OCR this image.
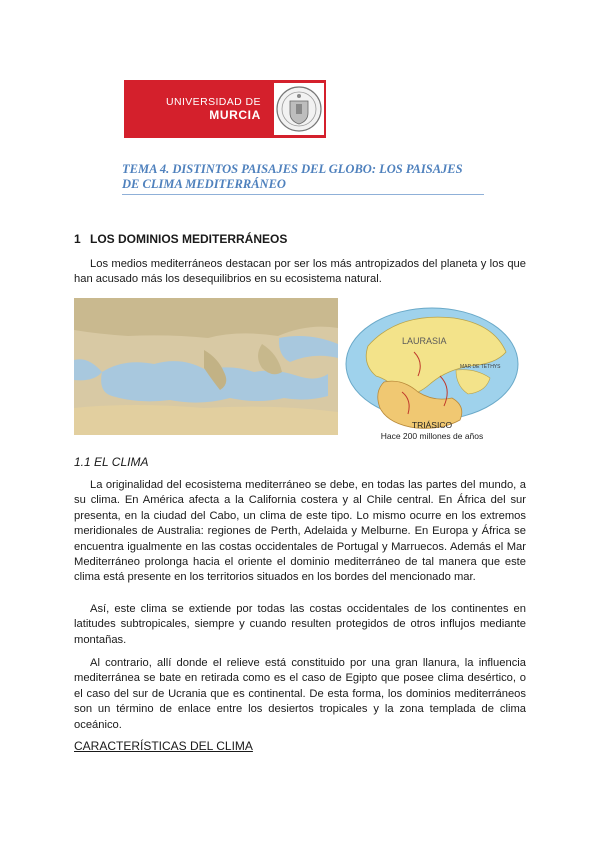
UNIVERSIDAD DE
MURCIA
TEMA 4. DISTINTOS PAISAJES DEL GLOBO: LOS PAISAJES DE CLIMA MEDITERRÁNEO
1 LOS DOMINIOS MEDITERRÁNEOS
Los medios mediterráneos destacan por ser los más antropizados del planeta y los que han acusado más los desequilibrios en su ecosistema natural.
LAURASIA
MAR DE TETHYS
TRIÁSICO
Hace 200 millones de años
1.1 EL CLIMA
La originalidad del ecosistema mediterráneo se debe, en todas las partes del mundo, a su clima. En América afecta a la California costera y al Chile central. En África del sur presenta, en la ciudad del Cabo, un clima de este tipo. Lo mismo ocurre en los extremos meridionales de Australia: regiones de Perth, Adelaida y Melburne. En Europa y África se encuentra igualmente en las costas occidentales de Portugal y Marruecos. Además el Mar Mediterráneo prolonga hacia el oriente el dominio mediterráneo de tal manera que este clima está presente en los territorios situados en los bordes del mencionado mar.
Así, este clima se extiende por todas las costas occidentales de los continentes en latitudes subtropicales, siempre y cuando resulten protegidos de otros influjos mediante montañas.
Al contrario, allí donde el relieve está constituido por una gran llanura, la influencia mediterránea se bate en retirada como es el caso de Egipto que posee clima desértico, o el caso del sur de Ucrania que es continental. De esta forma, los dominios mediterráneos son un término de enlace entre los desiertos tropicales y la zona templada de clima oceánico.
CARACTERÍSTICAS DEL CLIMA
